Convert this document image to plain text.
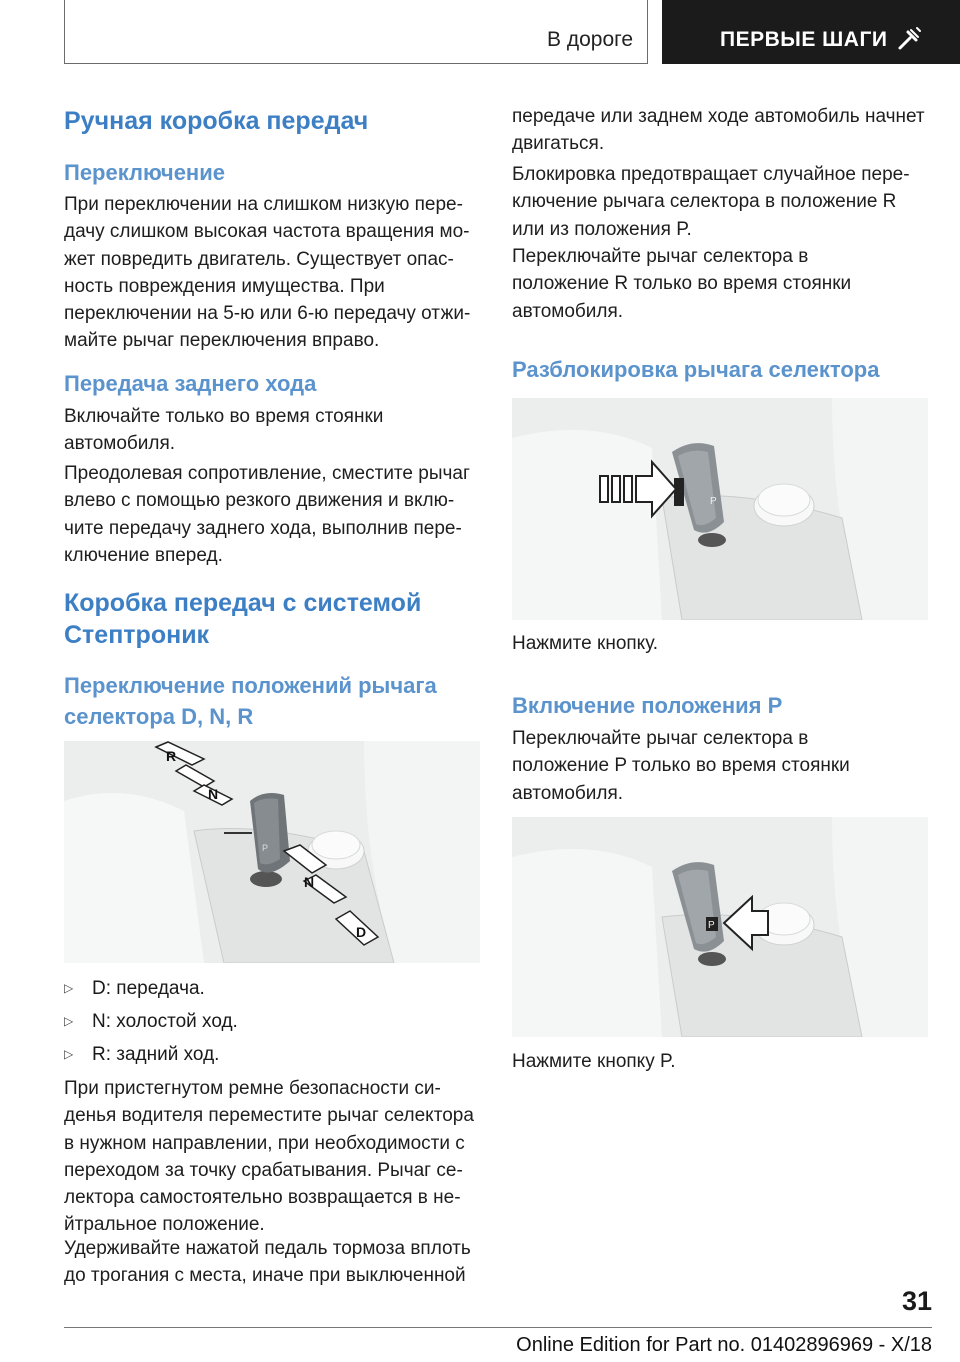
В дороге	ПЕРВЫЕ ШАГИ
Ручная коробка передач
Переключение
При переключении на слишком низкую пере-
дачу слишком высокая частота вращения мо-
жет повредить двигатель. Существует опас-
ность повреждения имущества. При
переключении на 5-ю или 6-ю передачу отжи-
майте рычаг переключения вправо.
Передача заднего хода
Включайте только во время стоянки
автомобиля.
Преодолевая сопротивление, сместите рычаг
влево с помощью резкого движения и вклю-
чите передачу заднего хода, выполнив пере-
ключение вперед.
Коробка передач с системой
Стептроник
Переключение положений рычага
селектора D, N, R
R
N
N
D
P
▷ D: передача.
▷ N: холостой ход.
▷ R: задний ход.
При пристегнутом ремне безопасности си-
денья водителя переместите рычаг селектора
в нужном направлении, при необходимости с
переходом за точку срабатывания. Рычаг се-
лектора самостоятельно возвращается в не-
йтральное положение.
Удерживайте нажатой педаль тормоза вплоть
до трогания с места, иначе при выключенной
передаче или заднем ходе автомобиль начнет
двигаться.
Блокировка предотвращает случайное пере-
ключение рычага селектора в положение R
или из положения P.
Переключайте рычаг селектора в
положение R только во время стоянки
автомобиля.
Разблокировка рычага селектора
P
Нажмите кнопку.
Включение положения P
Переключайте рычаг селектора в
положение P только во время стоянки
автомобиля.
P
Нажмите кнопку P.
31
Online Edition for Part no. 01402896969 - X/18
